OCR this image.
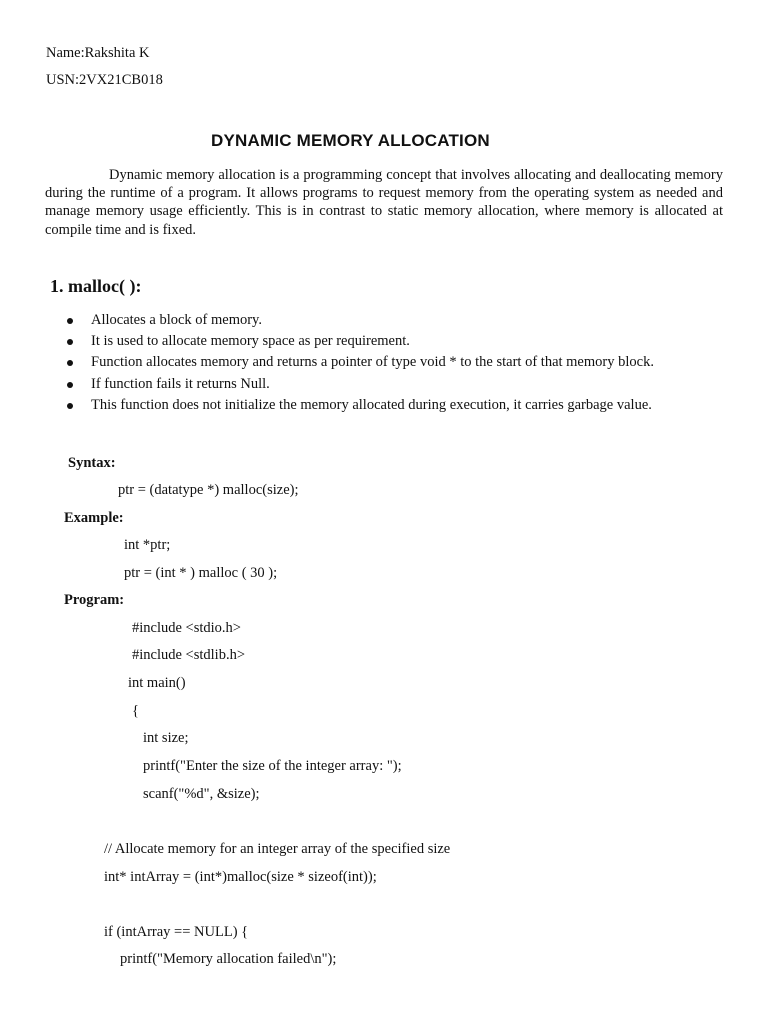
Name:Rakshita K
USN:2VX21CB018
DYNAMIC MEMORY ALLOCATION
Dynamic memory allocation is a programming concept that involves allocating and deallocating memory during the runtime of a program. It allows programs to request memory from the operating system as needed and manage memory usage efficiently. This is in contrast to static memory allocation, where memory is allocated at compile time and is fixed.
1. malloc( ):
Allocates a block of memory.
It is used to allocate memory space as per requirement.
Function allocates memory and returns a pointer of type void * to the start of that memory block.
If function fails it returns Null.
This function does not initialize the memory allocated during execution, it carries garbage value.
Syntax:
ptr = (datatype *) malloc(size);
Example:
int *ptr;
ptr = (int * ) malloc ( 30 );
Program:
#include <stdio.h>
#include <stdlib.h>
int main()
{
int size;
printf("Enter the size of the integer array: ");
scanf("%d", &size);
// Allocate memory for an integer array of the specified size
int* intArray = (int*)malloc(size * sizeof(int));
if (intArray == NULL) {
printf("Memory allocation failed\n");
